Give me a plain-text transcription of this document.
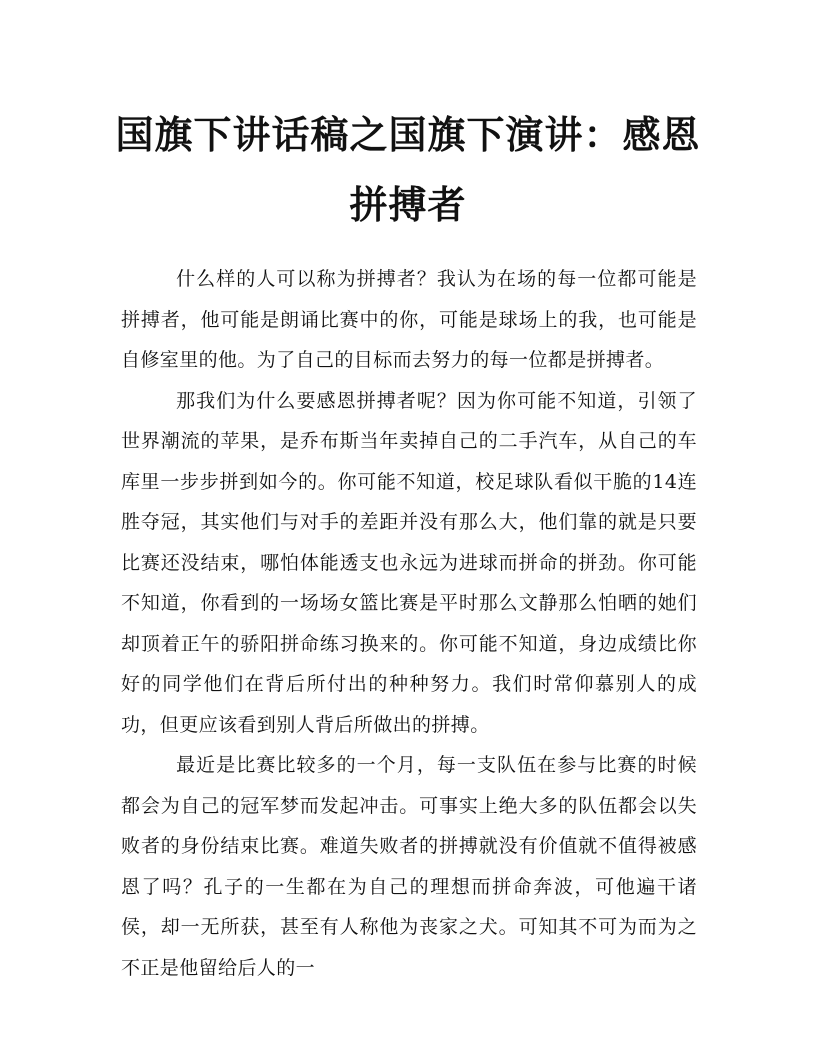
国旗下讲话稿之国旗下演讲：感恩拼搏者

什么样的人可以称为拼搏者？我认为在场的每一位都可能是拼搏者，他可能是朗诵比赛中的你，可能是球场上的我，也可能是自修室里的他。为了自己的目标而去努力的每一位都是拼搏者。

那我们为什么要感恩拼搏者呢？因为你可能不知道，引领了世界潮流的苹果，是乔布斯当年卖掉自己的二手汽车，从自己的车库里一步步拼到如今的。你可能不知道，校足球队看似干脆的14连胜夺冠，其实他们与对手的差距并没有那么大，他们靠的就是只要比赛还没结束，哪怕体能透支也永远为进球而拼命的拼劲。你可能不知道，你看到的一场场女篮比赛是平时那么文静那么怕晒的她们却顶着正午的骄阳拼命练习换来的。你可能不知道，身边成绩比你好的同学他们在背后所付出的种种努力。我们时常仰慕别人的成功，但更应该看到别人背后所做出的拼搏。

最近是比赛比较多的一个月，每一支队伍在参与比赛的时候都会为自己的冠军梦而发起冲击。可事实上绝大多的队伍都会以失败者的身份结束比赛。难道失败者的拼搏就没有价值就不值得被感恩了吗？孔子的一生都在为自己的理想而拼命奔波，可他遍干诸侯，却一无所获，甚至有人称他为丧家之犬。可知其不可为而为之不正是他留给后人的一
